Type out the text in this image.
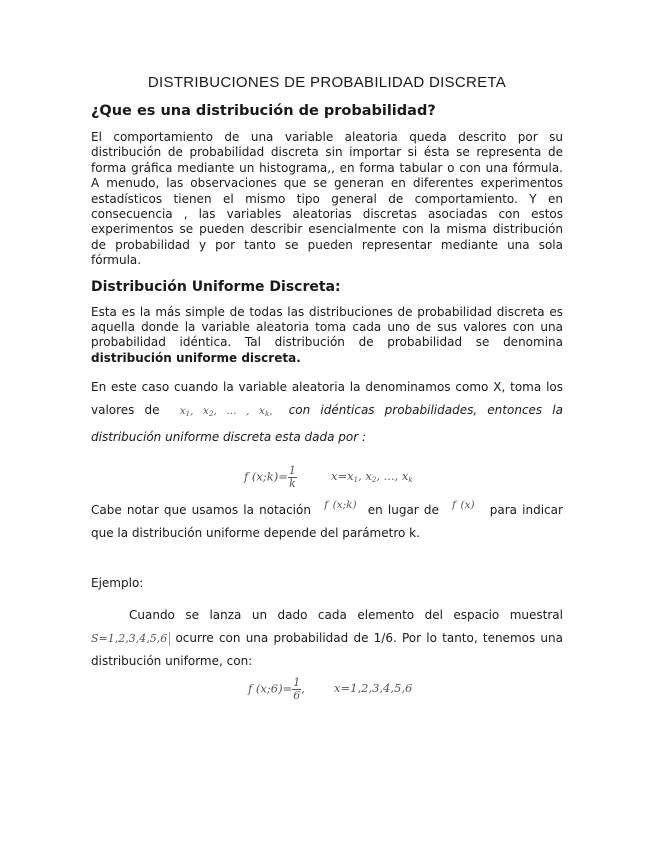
DISTRIBUCIONES DE PROBABILIDAD DISCRETA
¿Que es una distribución de probabilidad?

El comportamiento de una variable aleatoria queda descrito por su distribución de probabilidad discreta sin importar si ésta se representa de forma gráfica mediante un histograma,, en forma tabular o con una fórmula. A menudo, las observaciones que se generan en diferentes experimentos estadísticos tienen el mismo tipo general de comportamiento. Y en consecuencia , las variables aleatorias discretas asociadas con estos experimentos se pueden describir esencialmente con la misma distribución de probabilidad y por tanto se pueden representar mediante una sola fórmula.

Distribución Uniforme Discreta:

Esta es la más simple de todas las distribuciones de probabilidad discreta es aquella donde la variable aleatoria toma cada uno de sus valores con una probabilidad idéntica. Tal distribución de probabilidad se denomina distribución uniforme discreta.

En este caso cuando la variable aleatoria la denominamos como X, toma los valores de $x_1$, $x_2$, ... , $x_k$, con idénticas probabilidades, entonces la distribución uniforme discreta esta dada por :

f (x;k)= $\frac{1}{k}$	$x=x_1$, $x_2$, ..., $x_k$

Cabe notar que usamos la notación f (x;k) en lugar de f (x) para indicar que la distribución uniforme depende del parámetro k.

Ejemplo:

Cuando se lanza un dado cada elemento del espacio muestral S=1,2,3,4,5,6 ocurre con una probabilidad de 1/6. Por lo tanto, tenemos una distribución uniforme, con:

f (x;6)= $\frac{1}{6}$ ,	x=1,2,3,4,5,6
